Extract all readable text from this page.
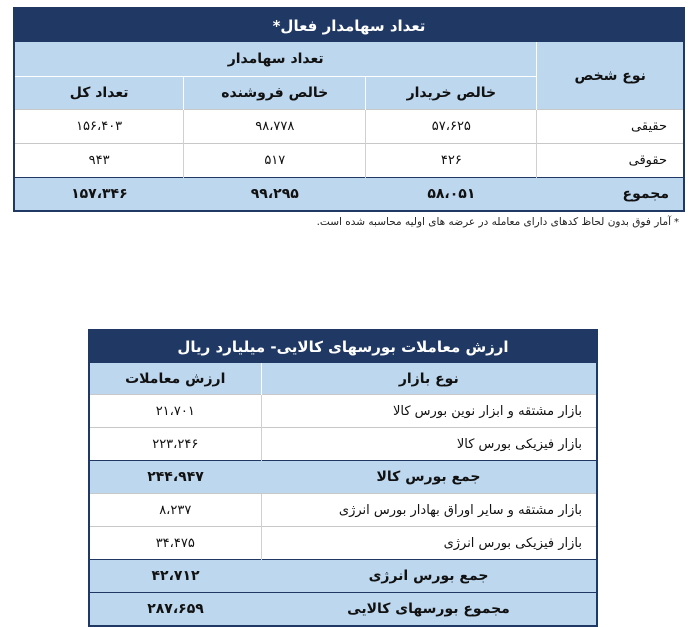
تعداد سهامدار فعال*			
نوع شخص	تعداد سهامدار		
	خالص خریدار	خالص فروشنده	تعداد کل
حقیقی	۵۷،۶۲۵	۹۸،۷۷۸	۱۵۶،۴۰۳
حقوقی	۴۲۶	۵۱۷	۹۴۳
مجموع	۵۸،۰۵۱	۹۹،۲۹۵	۱۵۷،۳۴۶
*آمار فوق بدون لحاظ کدهای دارای معامله در عرضه های اولیه محاسبه شده است.
ارزش معاملات بورسهای کالایی- میلیارد ریال	
نوع بازار	ارزش معاملات
بازار مشتقه و ابزار نوین بورس کالا	۲۱،۷۰۱
بازار فیزیکی بورس کالا	۲۲۳،۲۴۶
جمع بورس کالا	۲۴۴،۹۴۷
بازار مشتقه و سایر اوراق بهادار بورس انرژی	۸،۲۳۷
بازار فیزیکی بورس انرژی	۳۴،۴۷۵
جمع بورس انرژی	۴۲،۷۱۲
مجموع بورسهای کالایی	۲۸۷،۶۵۹
